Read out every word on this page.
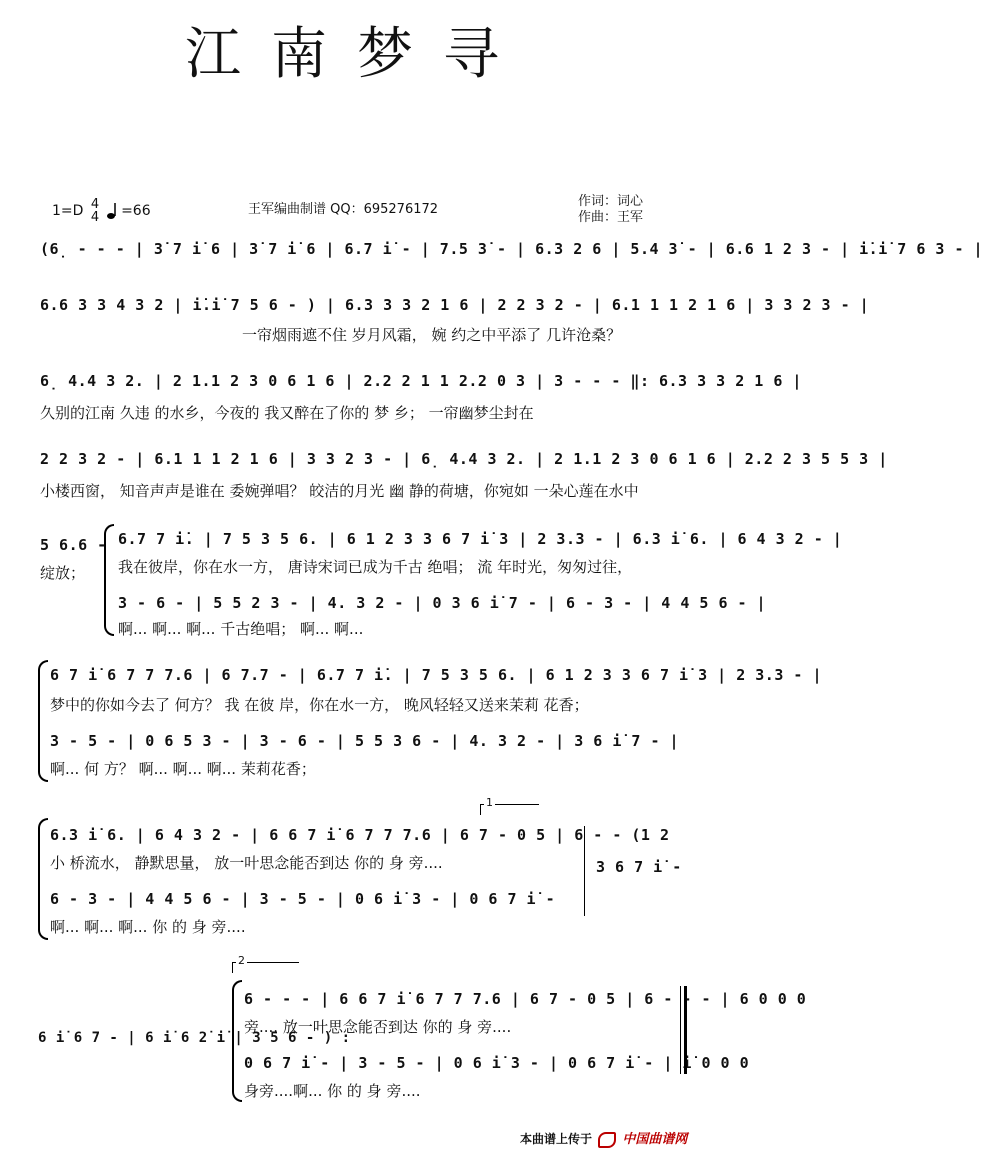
江南梦寻
1=D 4
4 =66	王军编曲制谱 QQ：695276172
作词：词心
作曲：王军
(6̣ - - - | 3̇ 7 i̇ 6 | 3̇ 7 i̇ 6 | 6.7 i̇ - | 7.5 3̇ - | 6.3 2 6 | 5.4 3̇ - | 6.6 1 2 3 - | i̇.i̇ 7 6 3 - |
6.6 3 3 4 3 2 | i̇.i̇ 7 5 6 - ) | 6.3 3 3 2 1 6 | 2 2 3 2 - | 6.1 1 1 2 1 6 | 3 3 2 3 - |
一帘烟雨遮不住 岁月风霜， 婉 约之中平添了 几许沧桑？
6̣ 4.4 3 2. | 2 1.1 2 3 0 6 1 6 | 2.2 2 1 1 2.2 0 3 | 3 - - - ‖: 6.3 3 3 2 1 6 |
久别的江南 久违 的水乡，今夜的 我又醉在了你的 梦 乡； 一帘幽梦尘封在
2 2 3 2 - | 6.1 1 1 2 1 6 | 3 3 2 3 - | 6̣ 4.4 3 2. | 2 1.1 2 3 0 6 1 6 | 2.2 2 3 5 5 3 |
小楼西窗， 知音声声是谁在 委婉弹唱？ 皎洁的月光 幽 静的荷塘，你宛如 一朵心莲在水中
5 6.6 -
绽放；
6.7 7 i̇. | 7 5 3 5 6. | 6 1 2 3 3 6 7 i̇ 3 | 2 3.3 - | 6.3 i̇ 6. | 6 4 3 2 - |
我在彼岸，你在水一方， 唐诗宋词已成为千古 绝唱； 流 年时光，匆匆过往，
3 - 6 - | 5 5 2 3 - | 4. 3 2 - | 0 3 6 i̇ 7 - | 6 - 3 - | 4 4 5 6 - |
啊... 啊... 啊... 千古绝唱； 啊... 啊...
6 7 i̇ 6 7 7 7.6 | 6 7.7 - | 6.7 7 i̇. | 7 5 3 5 6. | 6 1 2 3 3 6 7 i̇ 3 | 2 3.3 - |
梦中的你如今去了 何方？ 我 在彼 岸，你在水一方， 晚风轻轻又送来茉莉 花香；
3 - 5 - | 0 6 5 3 - | 3 - 6 - | 5 5 3 6 - | 4. 3 2 - | 3 6 i̇ 7 - |
啊... 何 方？ 啊... 啊... 啊... 茉莉花香；
1
6.3 i̇ 6. | 6 4 3 2 - | 6 6 7 i̇ 6 7 7 7.6 | 6 7 - 0 5 | 6 - - (1 2
小 桥流水， 静默思量， 放一叶思念能否到达 你的 身 旁....
6 - 3 - | 4 4 5 6 - | 3 - 5 - | 0 6 i̇ 3 - | 0 6 7 i̇ -
啊... 啊... 啊... 你 的 身 旁....
3 6 7 i̇ -
2
6 i̇ 6 7 - | 6 i̇ 6 2̇ i̇ | 3 5 6 - ) :
6 - - - | 6 6 7 i̇ 6 7 7 7.6 | 6 7 - 0 5 | 6 - - - | 6 0 0 0
旁.... 放一叶思念能否到达 你的 身 旁....
0 6 7 i̇ - | 3 - 5 - | 0 6 i̇ 3 - | 0 6 7 i̇ - | i̇ 0 0 0
身旁....啊... 你 的 身 旁....
本曲谱上传于 中国曲谱网
